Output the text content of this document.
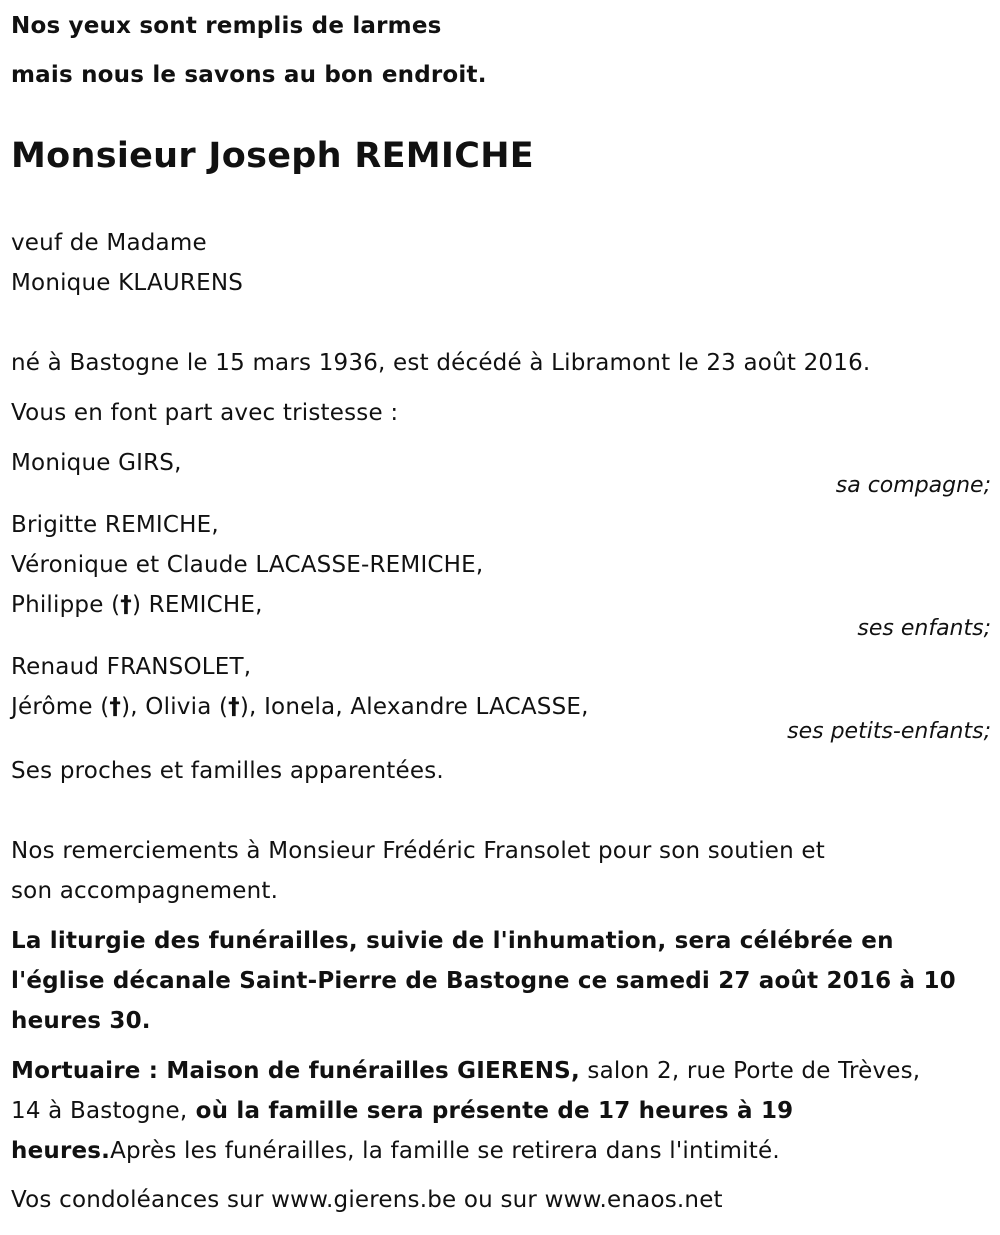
Nos yeux sont remplis de larmes
mais nous le savons au bon endroit.
Monsieur Joseph REMICHE
veuf de Madame
Monique KLAURENS
né à Bastogne le 15 mars 1936, est décédé à Libramont le 23 août 2016.
Vous en font part avec tristesse :
Monique GIRS,
sa compagne;
Brigitte REMICHE,
Véronique et Claude LACASSE-REMICHE,
Philippe (†) REMICHE,
ses enfants;
Renaud FRANSOLET,
Jérôme (†), Olivia (†), Ionela, Alexandre LACASSE,
ses petits-enfants;
Ses proches et familles apparentées.
Nos remerciements à Monsieur Frédéric Fransolet pour son soutien et
son accompagnement.
La liturgie des funérailles, suivie de l'inhumation, sera célébrée en
l'église décanale Saint-Pierre de Bastogne ce samedi 27 août 2016 à 10
heures 30.
Mortuaire : Maison de funérailles GIERENS, salon 2, rue Porte de Trèves,
14 à Bastogne, où la famille sera présente de 17 heures à 19
heures.Après les funérailles, la famille se retirera dans l'intimité.
Vos condoléances sur www.gierens.be ou sur www.enaos.net
